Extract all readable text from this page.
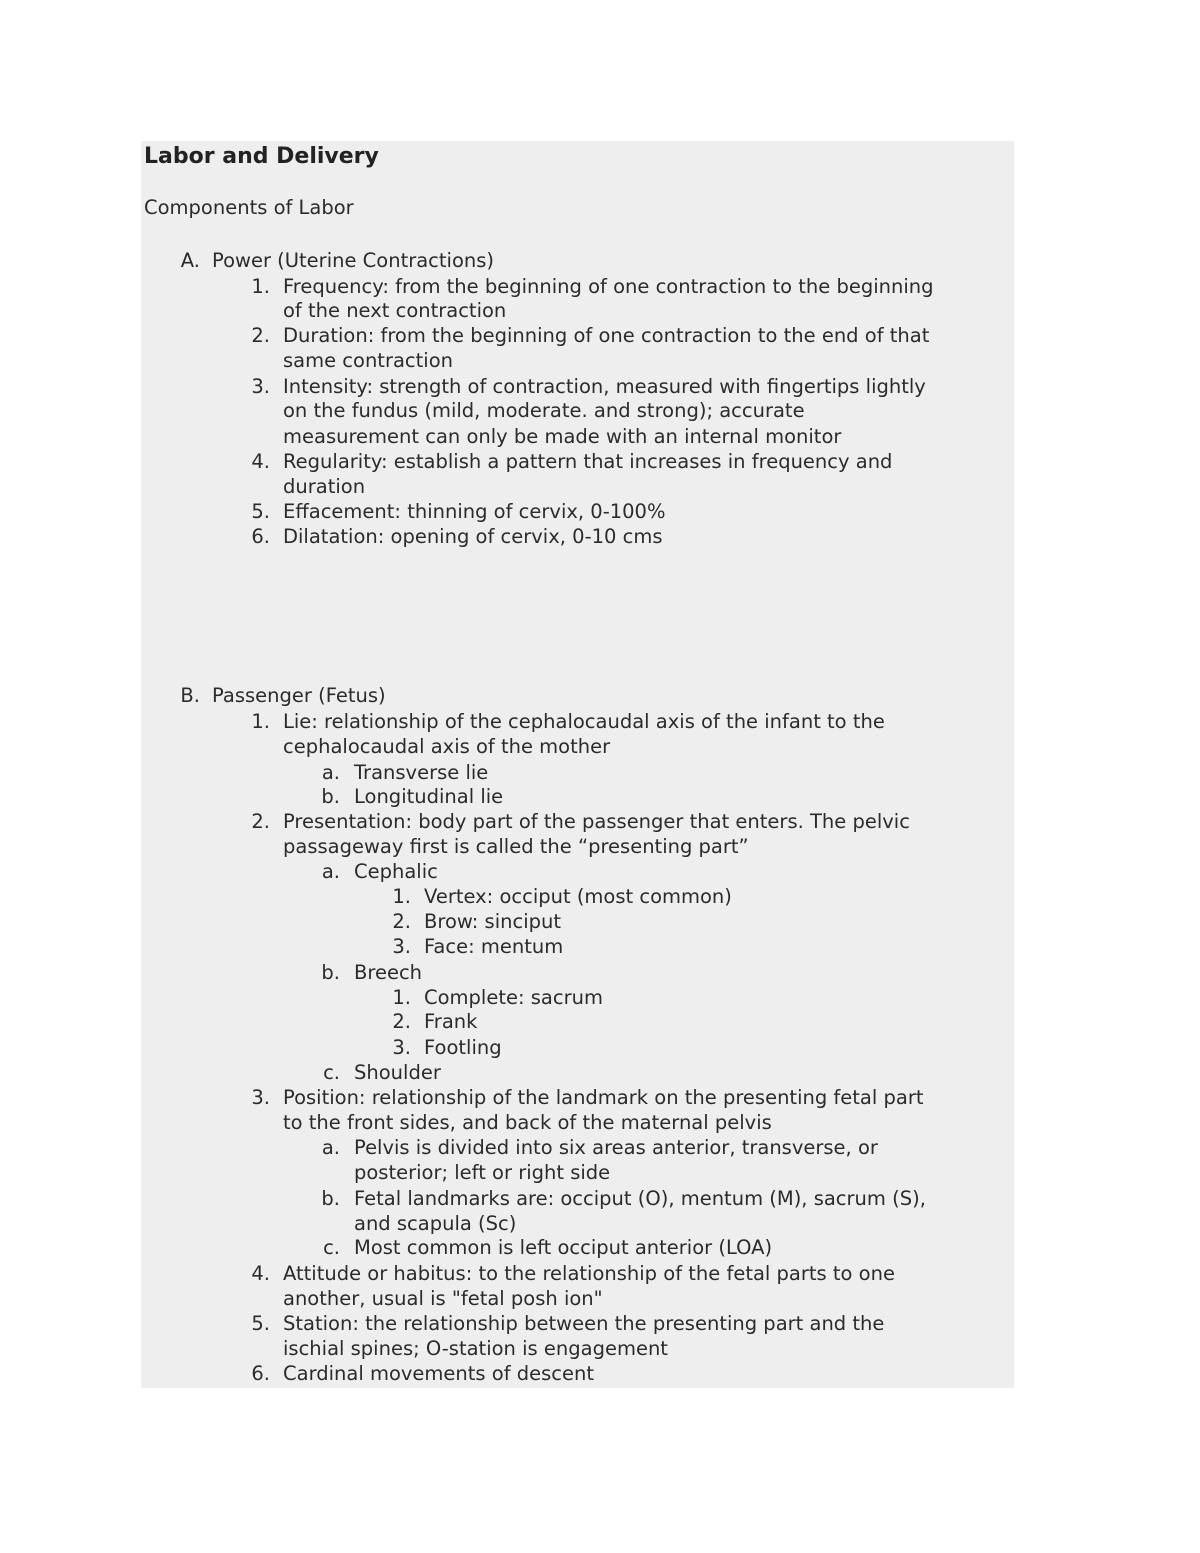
Labor and Delivery
Components of Labor
A. Power (Uterine Contractions)
1. Frequency: from the beginning of one contraction to the beginning
of the next contraction
2. Duration: from the beginning of one contraction to the end of that
same contraction
3. Intensity: strength of contraction, measured with fingertips lightly
on the fundus (mild, moderate. and strong); accurate
measurement can only be made with an internal monitor
4. Regularity: establish a pattern that increases in frequency and
duration
5. Effacement: thinning of cervix, 0-100%
6. Dilatation: opening of cervix, 0-10 cms
B. Passenger (Fetus)
1. Lie: relationship of the cephalocaudal axis of the infant to the
cephalocaudal axis of the mother
a. Transverse lie
b. Longitudinal lie
2. Presentation: body part of the passenger that enters. The pelvic
passageway first is called the “presenting part”
a. Cephalic
1. Vertex: occiput (most common)
2. Brow: sinciput
3. Face: mentum
b. Breech
1. Complete: sacrum
2. Frank
3. Footling
c. Shoulder
3. Position: relationship of the landmark on the presenting fetal part
to the front sides, and back of the maternal pelvis
a. Pelvis is divided into six areas anterior, transverse, or
posterior; left or right side
b. Fetal landmarks are: occiput (O), mentum (M), sacrum (S),
and scapula (Sc)
c. Most common is left occiput anterior (LOA)
4. Attitude or habitus: to the relationship of the fetal parts to one
another, usual is "fetal posh ion"
5. Station: the relationship between the presenting part and the
ischial spines; O-station is engagement
6. Cardinal movements of descent
